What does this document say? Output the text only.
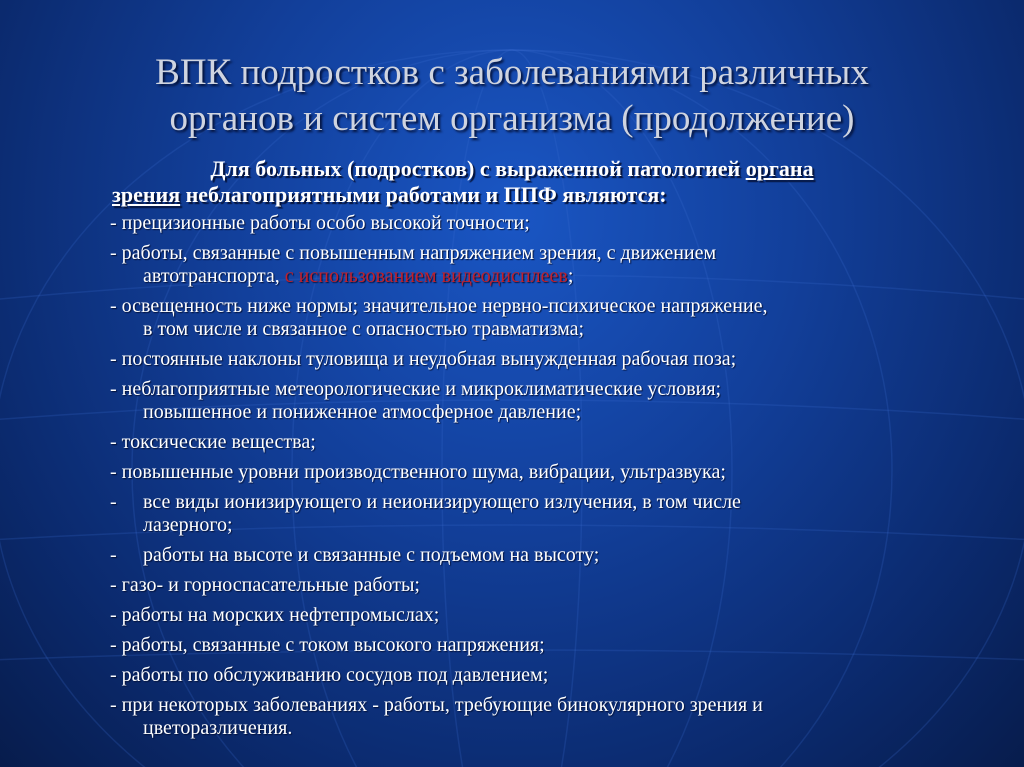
ВПК подростков с заболеваниями различных
органов и систем организма (продолжение)
Для больных (подростков) с выраженной патологией органа
зрения неблагоприятными работами и ППФ являются:
- прецизионные работы особо высокой точности;
- работы, связанные с повышенным напряжением зрения, с движением
автотранспорта, с использованием видеодисплеев;
- освещенность ниже нормы; значительное нервно-психическое напряжение,
в том числе и связанное с опасностью травматизма;
- постоянные наклоны туловища и неудобная вынужденная рабочая поза;
- неблагоприятные метеорологические и микроклиматические условия;
повышенное и пониженное атмосферное давление;
- токсические вещества;
- повышенные уровни производственного шума, вибрации, ультразвука;
- все виды ионизирующего и неионизирующего излучения, в том числе
лазерного;
- работы на высоте и связанные с подъемом на высоту;
- газо- и горноспасательные работы;
- работы на морских нефтепромыслах;
- работы, связанные с током высокого напряжения;
- работы по обслуживанию сосудов под давлением;
- при некоторых заболеваниях - работы, требующие бинокулярного зрения и
цветоразличения.
